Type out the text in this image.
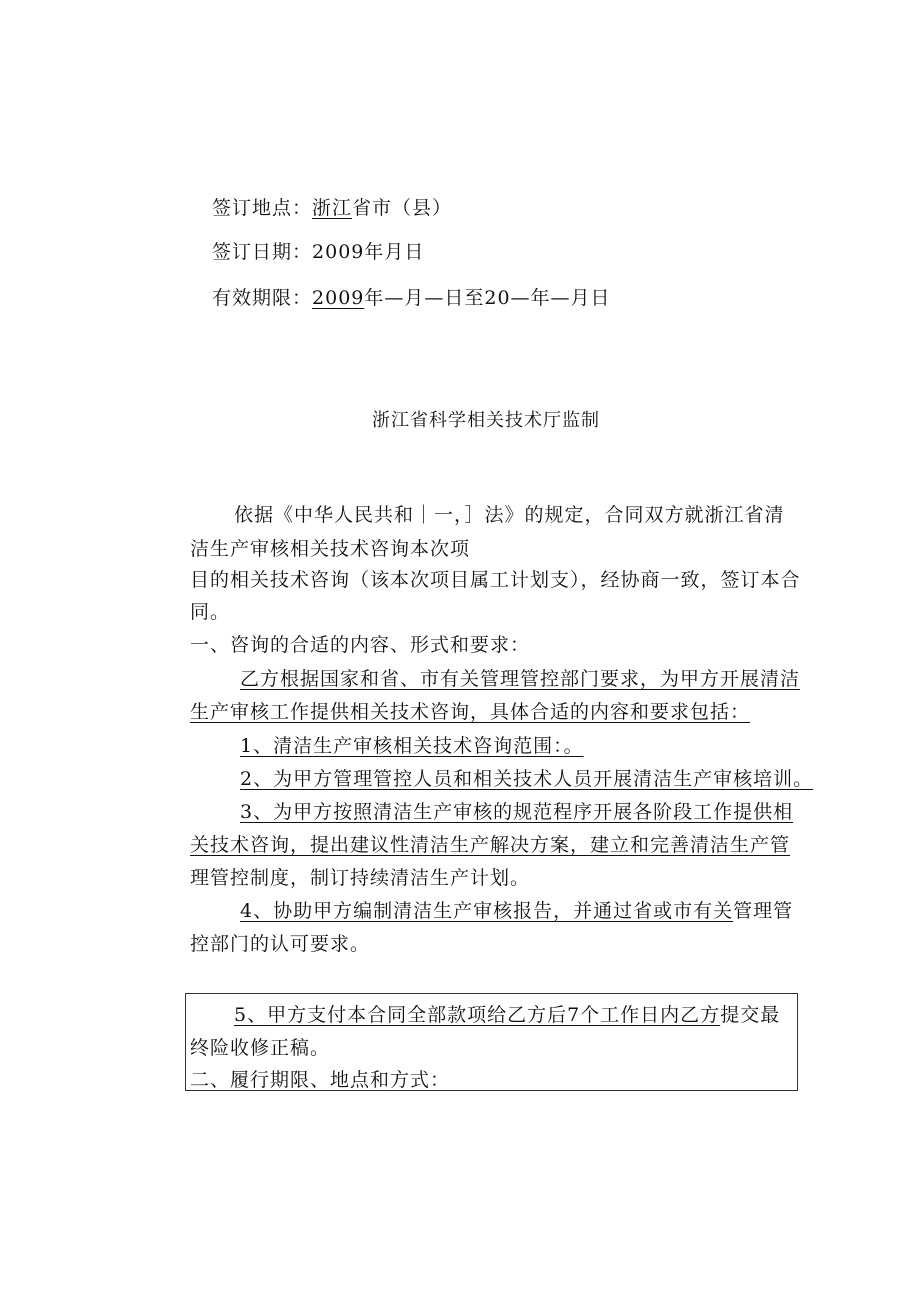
签订地点：浙江省市（县）
签订日期：2009年月日
有效期限：2009年—月—日至20—年—月日
浙江省科学相关技术厅监制
依据《中华人民共和｜一，］法》的规定，合同双方就浙江省清
洁生产审核相关技术咨询本次项
目的相关技术咨询（该本次项目属工计划支），经协商一致，签订本合
同。
一、咨询的合适的内容、形式和要求：
乙方根据国家和省、市有关管理管控部门要求，为甲方开展清洁
生产审核工作提供相关技术咨询，具体合适的内容和要求包括：
1、清洁生产审核相关技术咨询范围：。
2、为甲方管理管控人员和相关技术人员开展清洁生产审核培训。
3、为甲方按照清洁生产审核的规范程序开展各阶段工作提供相
关技术咨询，提出建议性清洁生产解决方案，建立和完善清洁生产管
理管控制度，制订持续清洁生产计划。
4、协助甲方编制清洁生产审核报告，并通过省或市有关管理管
控部门的认可要求。
5、甲方支付本合同全部款项给乙方后7个工作日内乙方提交最
终险收修正稿。
二、履行期限、地点和方式：
